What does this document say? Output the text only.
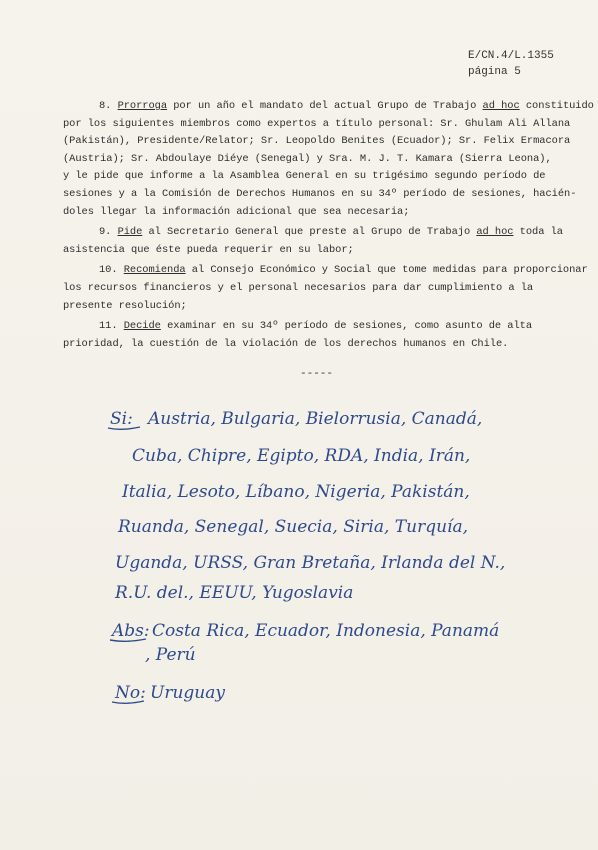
E/CN.4/L.1355
página 5

8. Prorroga por un año el mandato del actual Grupo de Trabajo ad hoc constituido
por los siguientes miembros como expertos a título personal: Sr. Ghulam Ali Allana
(Pakistán), Presidente/Relator; Sr. Leopoldo Benites (Ecuador); Sr. Felix Ermacora
(Austria); Sr. Abdoulaye Diéye (Senegal) y Sra. M. J. T. Kamara (Sierra Leona),
y le pide que informe a la Asamblea General en su trigésimo segundo período de
sesiones y a la Comisión de Derechos Humanos en su 34º período de sesiones, hacién-
doles llegar la información adicional que sea necesaria;

9. Pide al Secretario General que preste al Grupo de Trabajo ad hoc toda la
asistencia que éste pueda requerir en su labor;

10. Recomienda al Consejo Económico y Social que tome medidas para proporcionar
los recursos financieros y el personal necesarios para dar cumplimiento a la
presente resolución;

11. Decide examinar en su 34º período de sesiones, como asunto de alta
prioridad, la cuestión de la violación de los derechos humanos en Chile.

-----
Si: Austria, Bulgaria, Bielorrusia, Canadá,
Cuba, Chipre, Egipto, RDA, India, Irán,
Italia, Lesoto, Líbano, Nigeria, Pakistán,
Ruanda, Senegal, Suecia, Siria, Turquía,
Uganda, URSS, Gran Bretaña, Irlanda del N.,
R.U. del., EEUU, Yugoslavia
Abs: Costa Rica, Ecuador, Indonesia, Panamá
, Perú
No: Uruguay
